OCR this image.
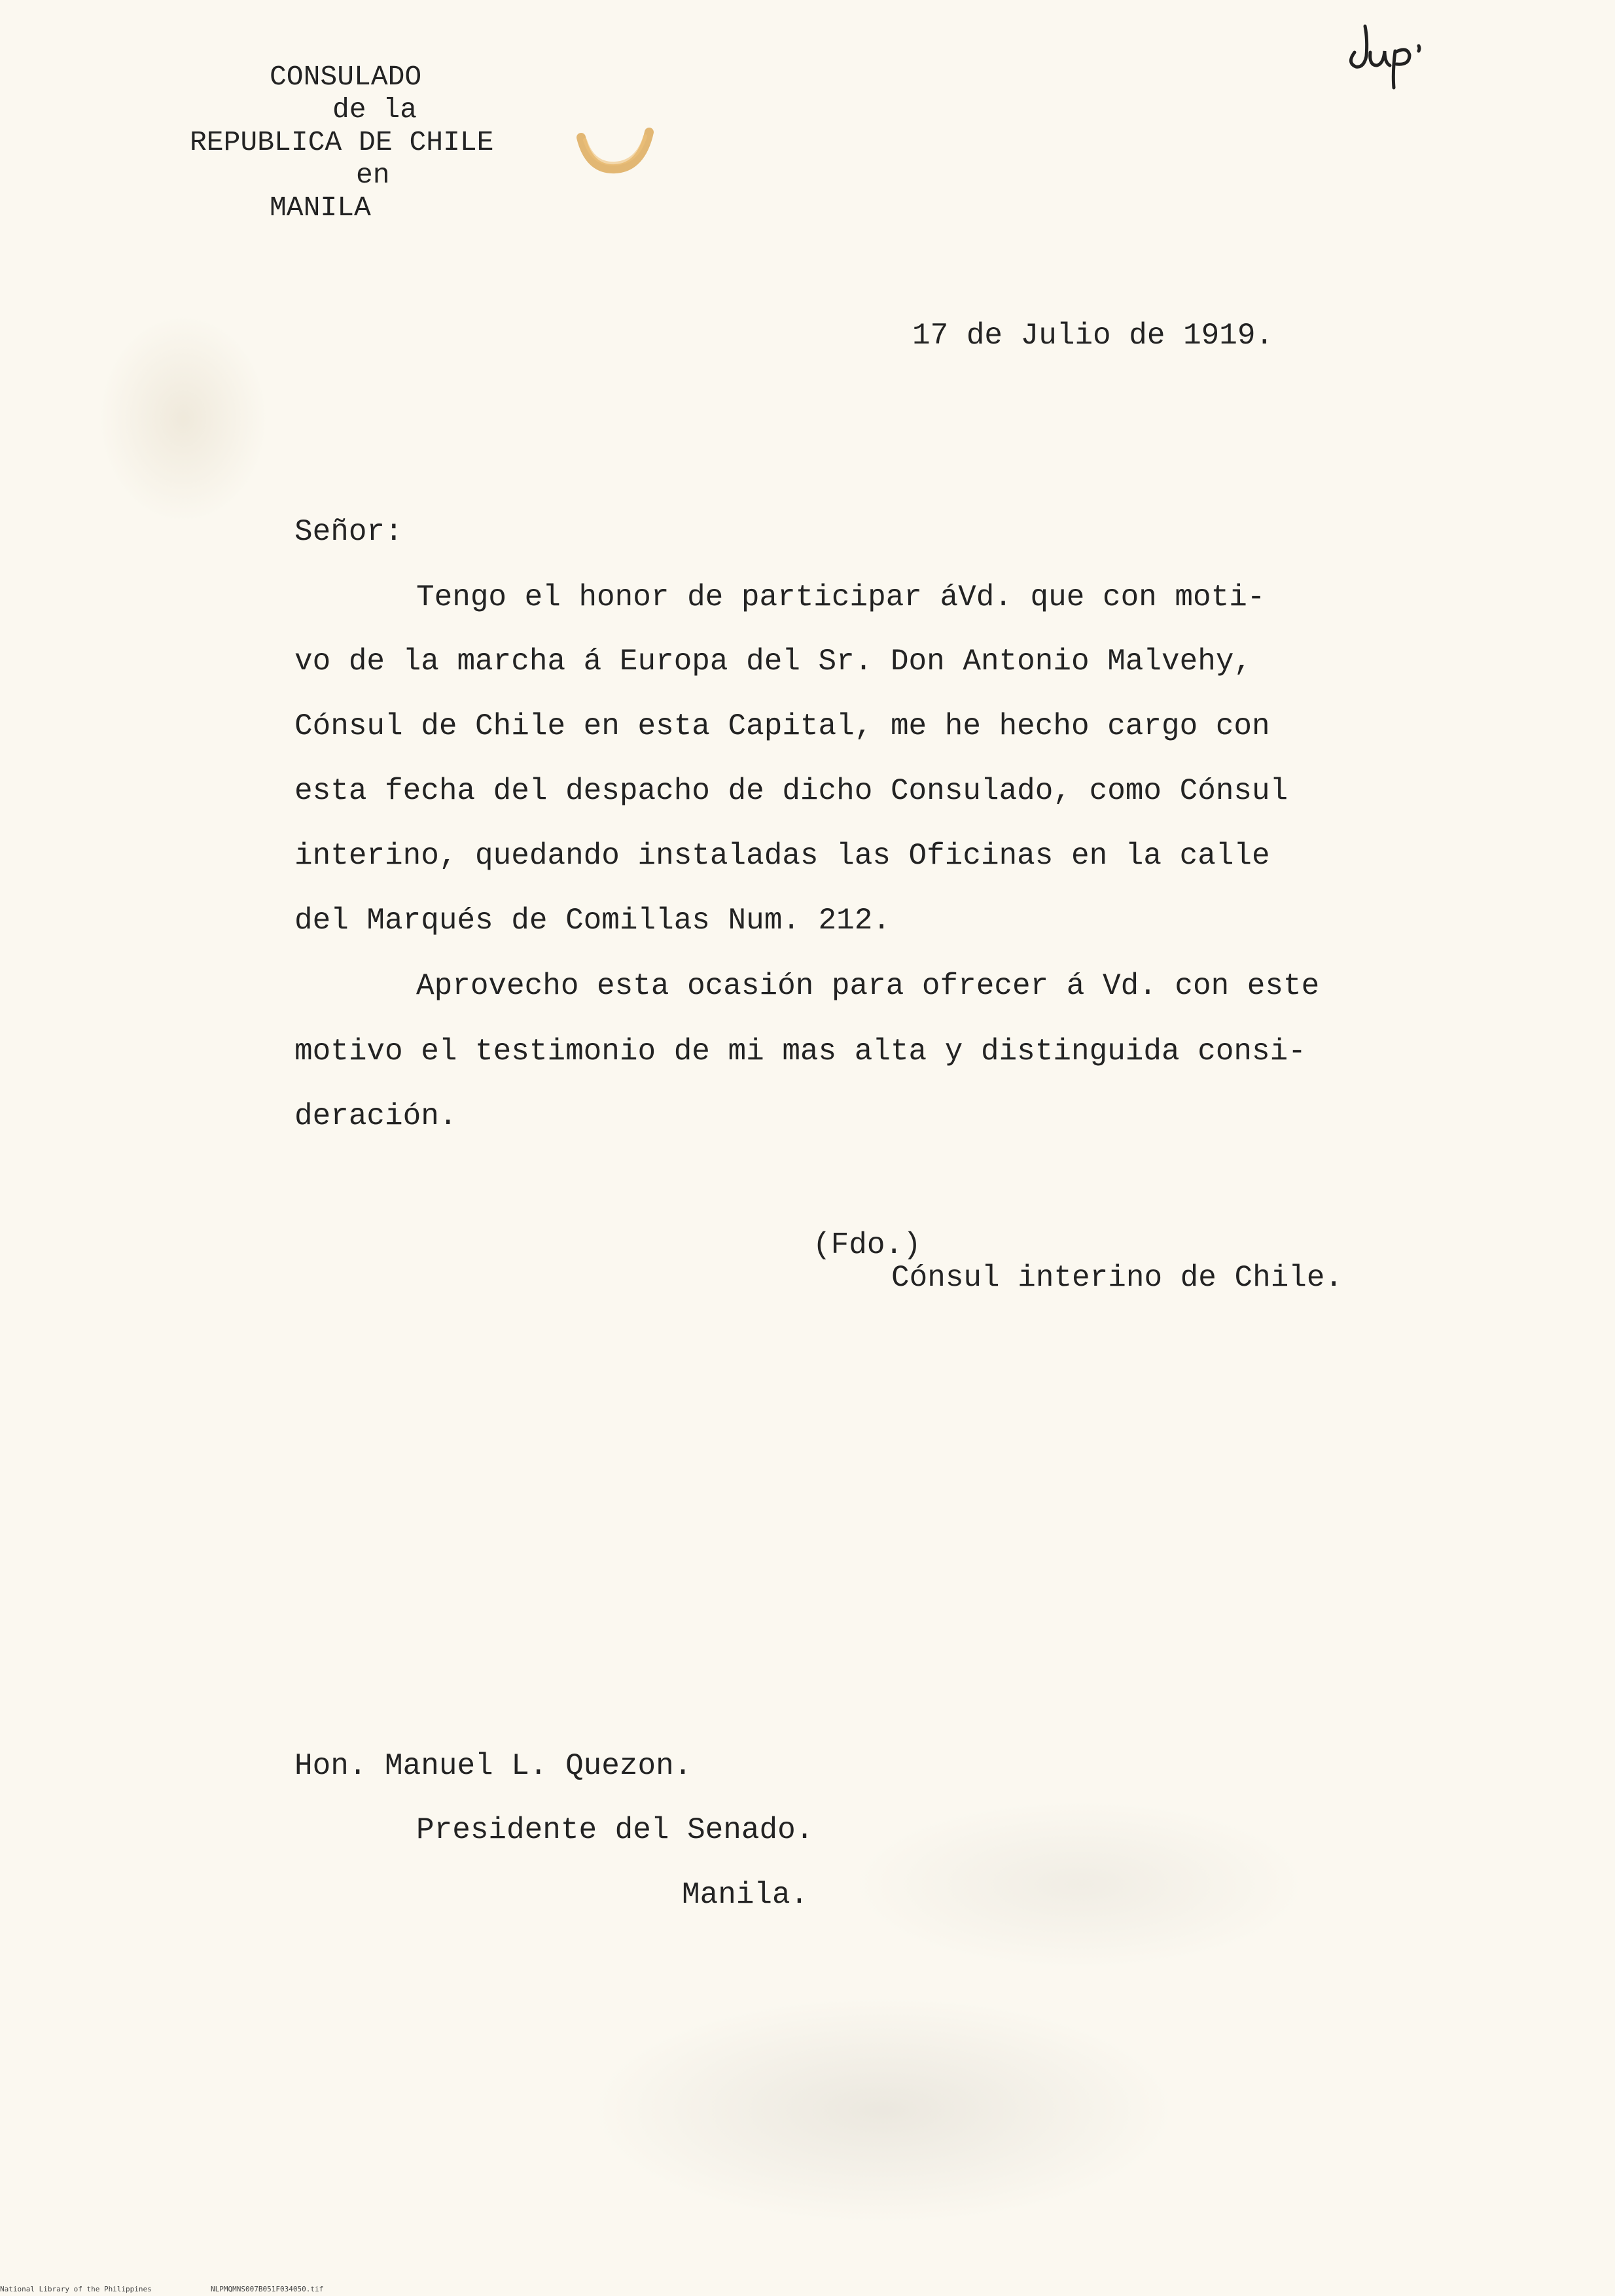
CONSULADO
de la
REPUBLICA DE CHILE
en
MANILA
17 de Julio de 1919.
Señor:
Tengo el honor de participar áVd. que con moti-
vo de la marcha á Europa del Sr. Don Antonio Malvehy,
Cónsul de Chile en esta Capital, me he hecho cargo con
esta fecha del despacho de dicho Consulado, como Cónsul
interino, quedando instaladas las Oficinas en la calle
del Marqués de Comillas Num. 212.
Aprovecho esta ocasión para ofrecer á Vd. con este
motivo el testimonio de mi mas alta y distinguida consi-
deración.
(Fdo.)
Cónsul interino de Chile.
Hon. Manuel L. Quezon.
Presidente del Senado.
Manila.
National Library of the Philippines	NLPMQMNS007B051F034050.tif
